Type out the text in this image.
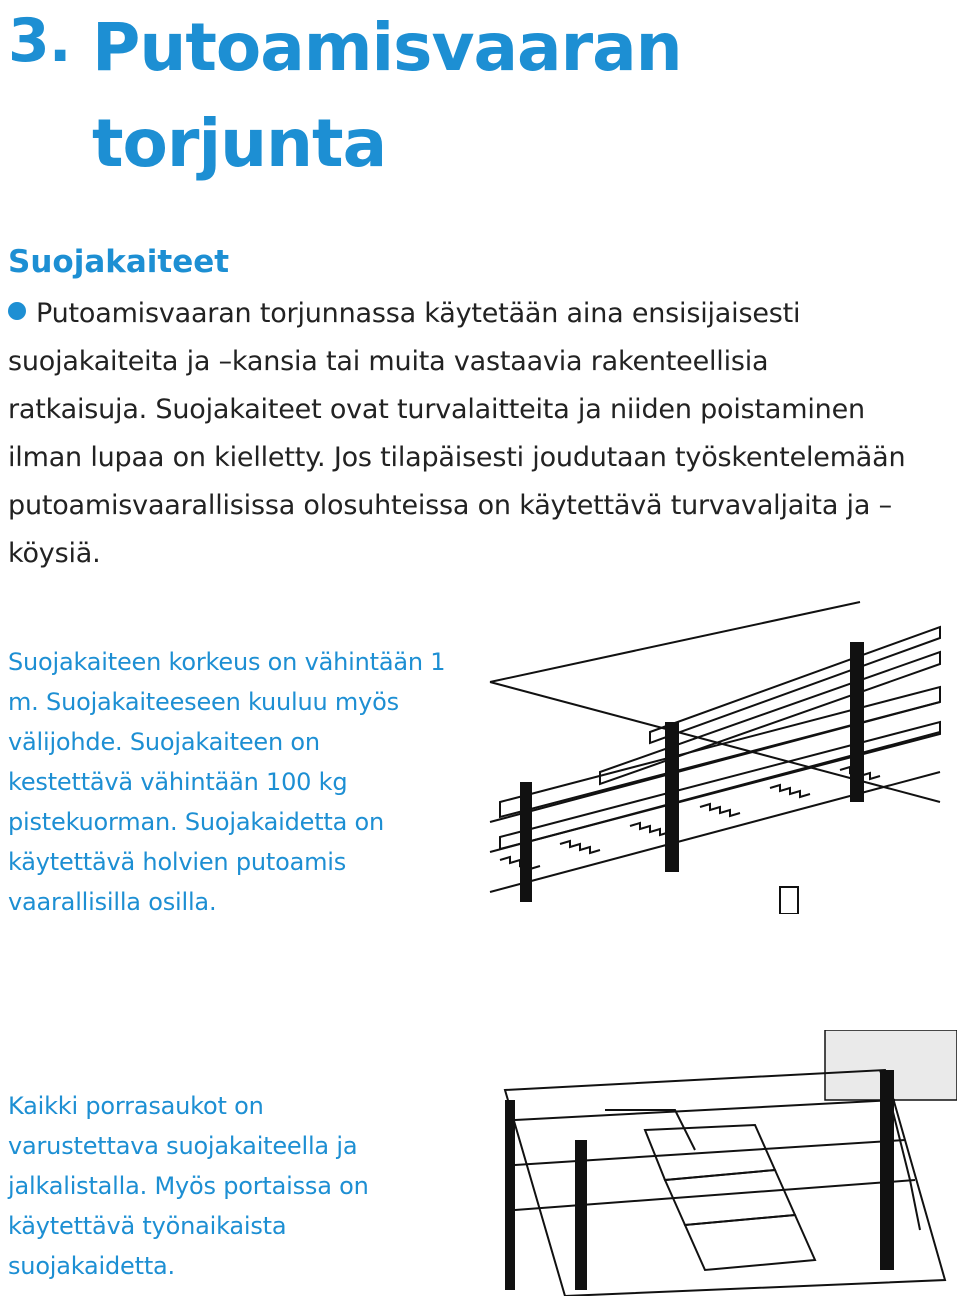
3. Putoamisvaaran torjunta
Suojakaiteet

Putoamisvaaran torjunnassa käytetään aina ensisijaisesti suojakaiteita ja –kansia tai muita vastaavia rakenteellisia ratkaisuja. Suojakaiteet ovat turvalaitteita ja niiden poistaminen ilman lupaa on kielletty. Jos tilapäisesti joudutaan työskentelemään putoamisvaarallisissa olosuhteissa on käytettävä turvavaljaita ja –köysiä.

Suojakaiteen korkeus on vähintään 1 m. Suojakaiteeseen kuuluu myös välijohde. Suojakaiteen on kestettävä vähintään 100 kg pistekuorman. Suojakaidetta on käytettävä holvien putoamis vaarallisilla osilla.

Kaikki porrasaukot on varustettava suojakaiteella ja jalkalistalla. Myös portaissa on käytettävä työnaikaista suojakaidetta.
